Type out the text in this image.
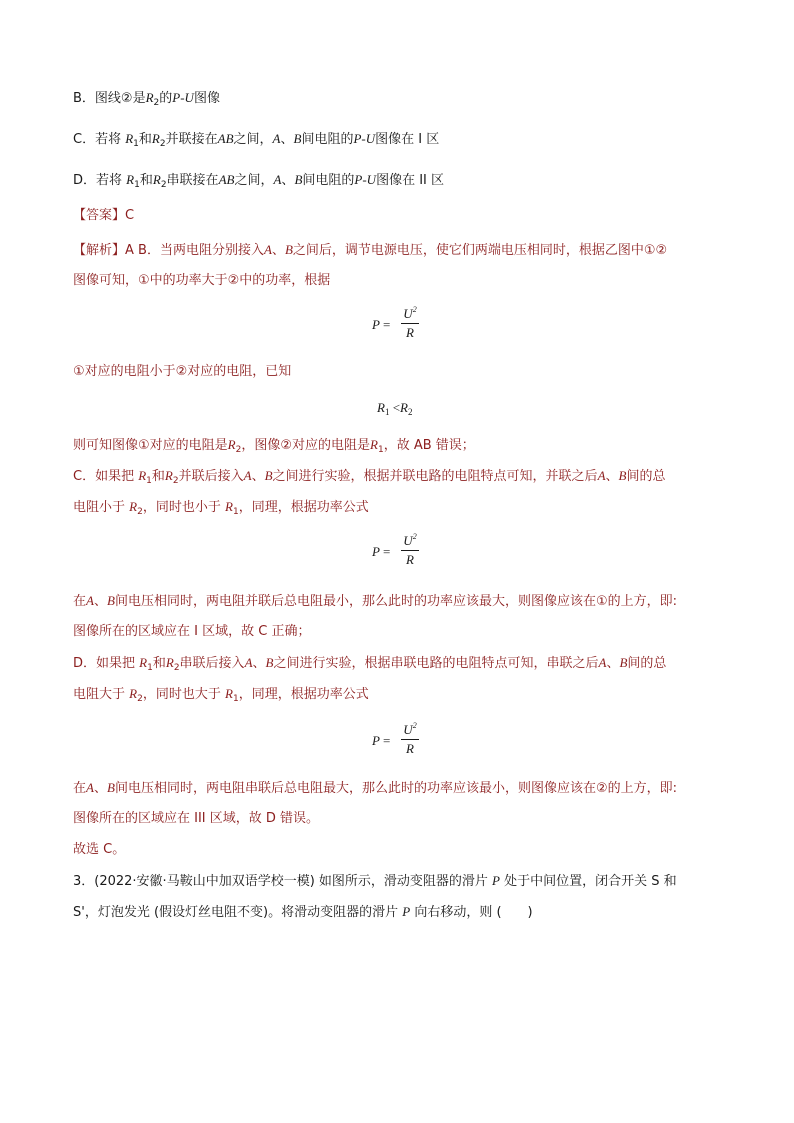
B．图线②是$R_2$的P-U图像
C．若将 $R_1$和$R_2$并联接在AB之间，A、B间电阻的P-U图像在 I 区
D．若将 $R_1$和$R_2$串联接在AB之间，A、B间电阻的P-U图像在 II 区
【答案】C
【解析】A B．当两电阻分别接入A、B之间后，调节电源电压，使它们两端电压相同时，根据乙图中①②
图像可知，①中的功率大于②中的功率，根据
P =
$U^2$
R
①对应的电阻小于②对应的电阻，已知
$R_1 <R_2$
则可知图像①对应的电阻是$R_2$，图像②对应的电阻是$R_1$，故 AB 错误；
C．如果把 $R_1$和$R_2$并联后接入A、B之间进行实验，根据并联电路的电阻特点可知，并联之后A、B间的总
电阻小于 $R_2$，同时也小于 $R_1$，同理，根据功率公式
P =
$U^2$
R
在A、B间电压相同时，两电阻并联后总电阻最小，那么此时的功率应该最大，则图像应该在①的上方，即:
图像所在的区域应在 I 区域，故 C 正确；
D．如果把 $R_1$和$R_2$串联后接入A、B之间进行实验，根据串联电路的电阻特点可知，串联之后A、B间的总
电阻大于 $R_2$，同时也大于 $R_1$，同理，根据功率公式
P =
$U^2$
R
在A、B间电压相同时，两电阻串联后总电阻最大，那么此时的功率应该最小，则图像应该在②的上方，即:
图像所在的区域应在 III 区域，故 D 错误。
故选 C。
3．(2022·安徽·马鞍山中加双语学校一模) 如图所示，滑动变阻器的滑片 P 处于中间位置，闭合开关 S 和
S'，灯泡发光 (假设灯丝电阻不变)。将滑动变阻器的滑片 P 向右移动，则 (　　)
